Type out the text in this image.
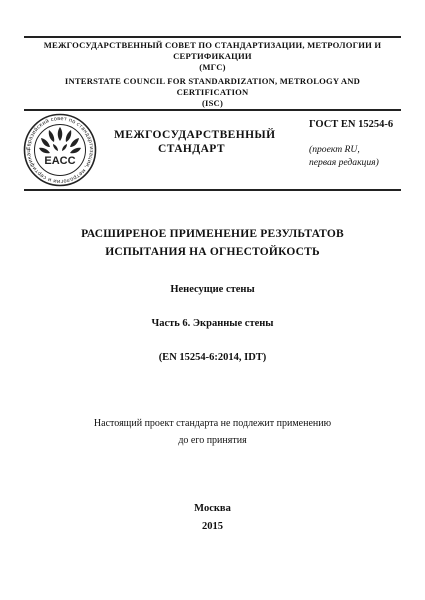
МЕЖГОСУДАРСТВЕННЫЙ СОВЕТ ПО СТАНДАРТИЗАЦИИ, МЕТРОЛОГИИ И
СЕРТИФИКАЦИИ
(МГС)
INTERSTATE COUNCIL FOR STANDARDIZATION, METROLOGY AND
CERTIFICATION
(ISC)
Евразийский совет по стандартизации, метрологии и сертификац
EACC
МЕЖГОСУДАРСТВЕННЫЙ
СТАНДАРТ
ГОСТ EN 15254-6
(проект RU,
первая редакция)
РАСШИРЕНОЕ ПРИМЕНЕНИЕ РЕЗУЛЬТАТОВ
ИСПЫТАНИЯ НА ОГНЕСТОЙКОСТЬ
Ненесущие стены
Часть 6. Экранные стены
(EN 15254-6:2014, IDT)
Настоящий проект стандарта не подлежит применению
до его принятия
Москва
2015
